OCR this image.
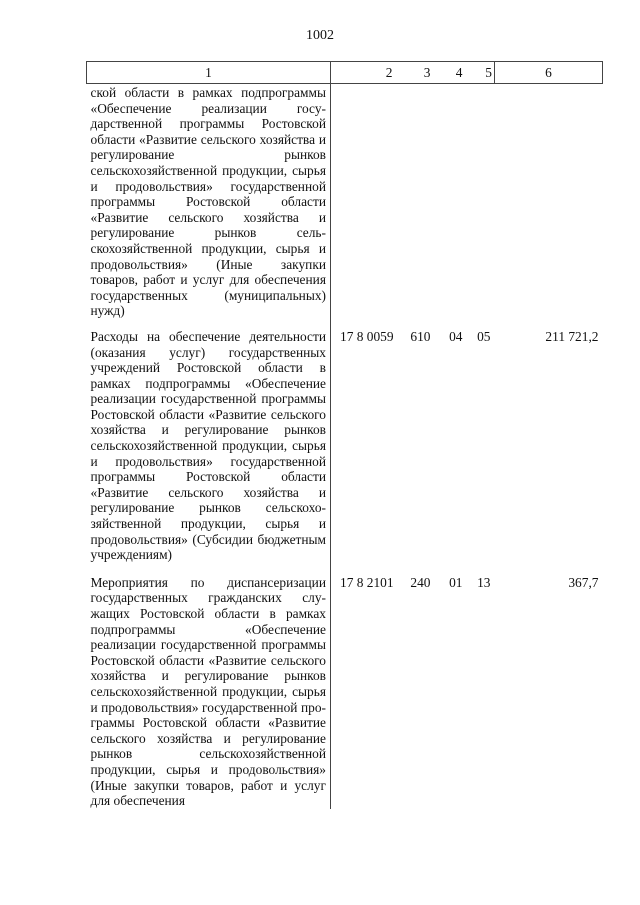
1002
1	2	3	4	5	6
ской области в рамках подпрограммы «Обеспечение реализации государственной программы Ростовской области «Развитие сельского хозяйства и регулирование рынков сельскохозяйственной продукции, сырья и продовольствия» государственной программы Ростовской области «Развитие сельского хозяйства и регулирование рынков сельскохозяйственной продукции, сырья и продовольствия» (Иные закупки товаров, работ и услуг для обеспечения государственных (муниципальных) нужд)					
Расходы на обеспечение деятельности (оказания услуг) государственных учреждений Ростовской области в рамках подпрограммы «Обеспечение реализации государственной программы Ростовской области «Развитие сельского хозяйства и регулирование рынков сельскохозяйственной продукции, сырья и продовольствия» государственной программы Ростовской области «Развитие сельского хозяйства и регулирование рынков сельскохозяйственной продукции, сырья и продовольствия» (Субсидии бюджетным учреждениям)	17 8 0059	610	04	05	211 721,2
Мероприятия по диспансеризации государственных гражданских служащих Ростовской области в рамках подпрограммы «Обеспечение реализации государственной программы Ростовской области «Развитие сельского хозяйства и регулирование рынков сельскохозяйственной продукции, сырья и продовольствия» государственной программы Ростовской области «Развитие сельского хозяйства и регулирование рынков сельскохозяйственной продукции, сырья и продовольствия» (Иные закупки товаров, работ и услуг для обеспечения	17 8 2101	240	01	13	367,7
